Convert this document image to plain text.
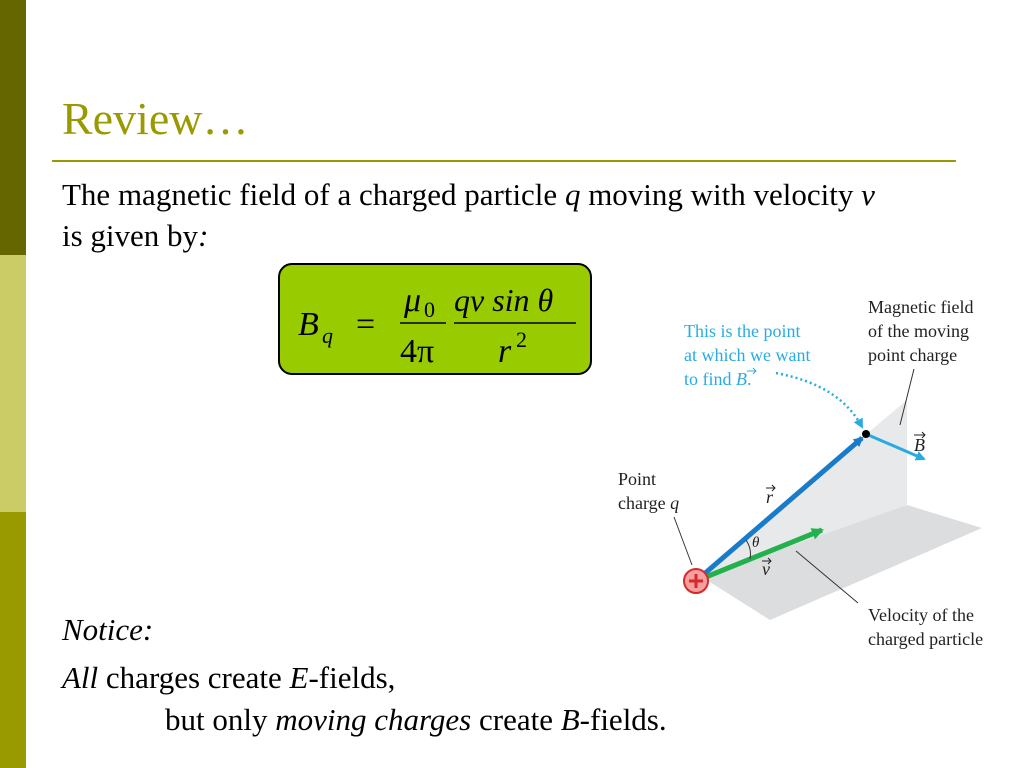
Review…
The magnetic field of a charged particle q moving with velocity v is given by:
B q =
μ 0
4π
qv sin θ
r 2
Notice:
All charges create E-fields,
but only moving charges create B-fields.
This is the point
at which we want
to find B.
Magnetic field
of the moving
point charge
B
Point
charge q	r
θ
v
Velocity of the
charged particle
